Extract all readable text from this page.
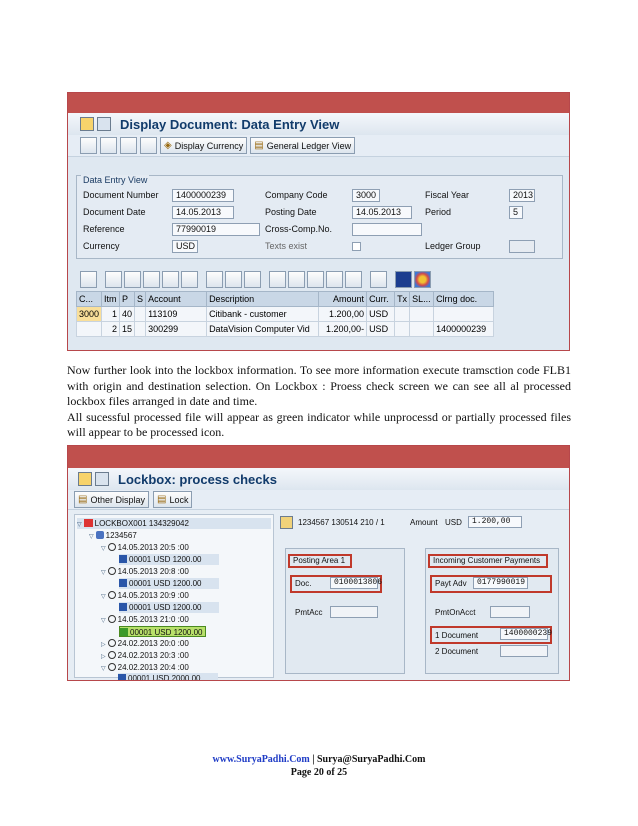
Display Document: Data Entry View
◈ Display Currency ▤ General Ledger View
Data Entry View
Document Number	1400000239	Company Code	3000	Fiscal Year	2013
Document Date	14.05.2013	Posting Date	14.05.2013	Period	5
Reference	77990019	Cross-Comp.No.
Currency	USD	Texts exist	Ledger Group
C...	Itm	P	S	Account	Description	Amount	Curr.	Tx	SL...	Clrng doc.
3000	1	40		113109	Citibank - customer	1.200,00	USD			
	2	15		300299	DataVision Computer Vid	1.200,00-	USD			1400000239

Now further look into the lockbox information. To see more information execute tramsction code FLB1 with origin and destination selection. On Lockbox : Proess check screen we can see all al processed lockbox files arranged in date and time.

All sucessful processed file will appear as green indicator while unprocessd or partially processed files will appear to be processed icon.

Lockbox: process checks
▤ Other Display ▤ Lock
▽ LOCKBOX001 134329042
▽ 1234567
▽ 14.05.2013 20:5 :00
00001 USD 1200.00
▽ 14.05.2013 20:8 :00
00001 USD 1200.00
▽ 14.05.2013 20:9 :00
00001 USD 1200.00
▽ 14.05.2013 21:0 :00
00001 USD 1200.00
▷ 24.02.2013 20:0 :00
▷ 24.02.2013 20:3 :00
▽ 24.02.2013 20:4 :00
00001 USD 2000.00
1234567 130514 210 / 1	Amount USD	1.200,00
Posting Area 1
Doc.	0100013806
PmtAcc
Incoming Customer Payments
Payt Adv	0177990019
PmtOnAcct
1 Document	1400000239
2 Document
www.SuryaPadhi.Com | Surya@SuryaPadhi.Com
Page 20 of 25
